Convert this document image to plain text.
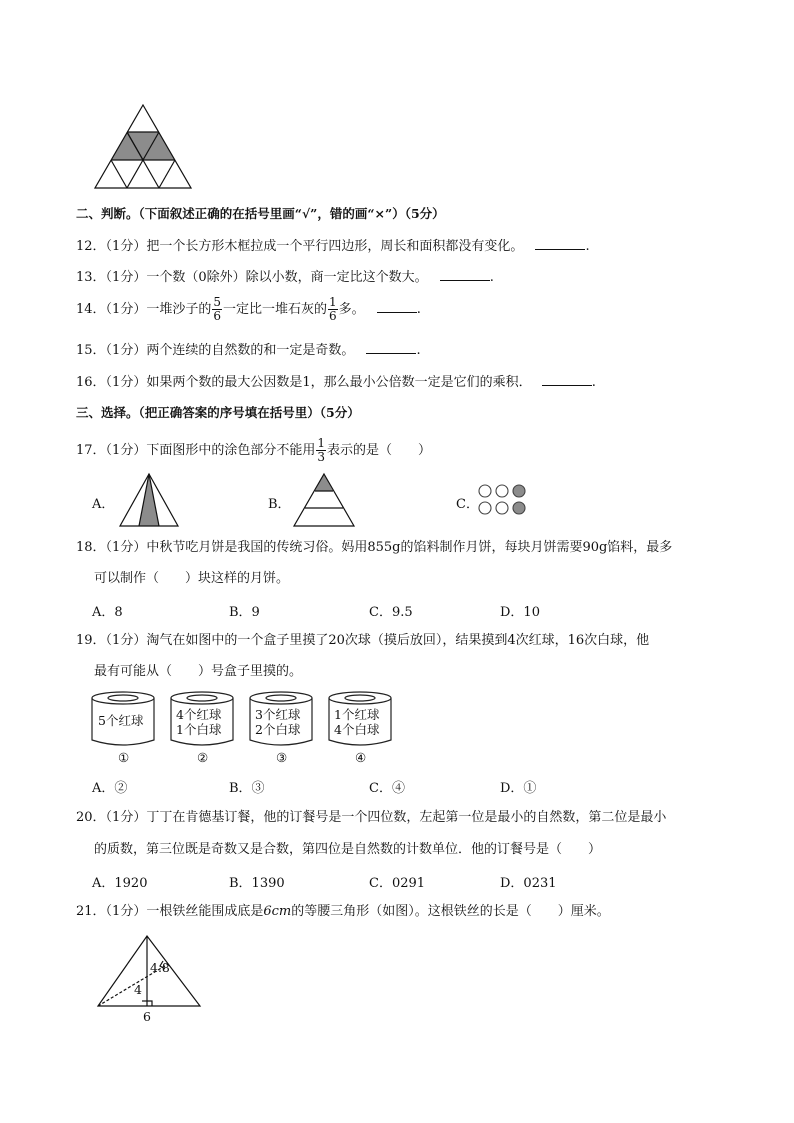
二、判断。（下面叙述正确的在括号里画“√”，错的画“×”）（5分）
12．（1分）把一个长方形木框拉成一个平行四边形，周长和面积都没有变化。	.
13．（1分）一个数（0除外）除以小数，商一定比这个数大。	.
14．（1分）一堆沙子的 $\frac{5}{6}$ 一定比一堆石灰的 $\frac{1}{6}$ 多。	.
15．（1分）两个连续的自然数的和一定是奇数。	.
16．（1分）如果两个数的最大公因数是1，那么最小公倍数一定是它们的乘积．	.
三、选择。（把正确答案的序号填在括号里）（5分）
17．（1分）下面图形中的涂色部分不能用 $\frac{1}{3}$ 表示的是（　　）
A．	B．	C．
18．（1分）中秋节吃月饼是我国的传统习俗。妈用855g的馅料制作月饼，每块月饼需要90g馅料，最多
可以制作（　　）块这样的月饼。
A．8	B．9	C．9.5	D．10
19．（1分）淘气在如图中的一个盒子里摸了20次球（摸后放回），结果摸到4次红球，16次白球，他
最有可能从（　　）号盒子里摸的。
5个红球	4个红球
1个白球
3个红球
2个白球
1个红球
4个白球
①	②	③	④
A．②	B．③	C．④	D．①
20．（1分）丁丁在肯德基订餐，他的订餐号是一个四位数，左起第一位是最小的自然数，第二位是最小
的质数，第三位既是奇数又是合数，第四位是自然数的计数单位．他的订餐号是（　　）
A．1920	B．1390	C．0291	D．0231
21．（1分）一根铁丝能围成底是6cm的等腰三角形（如图）。这根铁丝的长是（　　）厘米。
4.8
4
6
